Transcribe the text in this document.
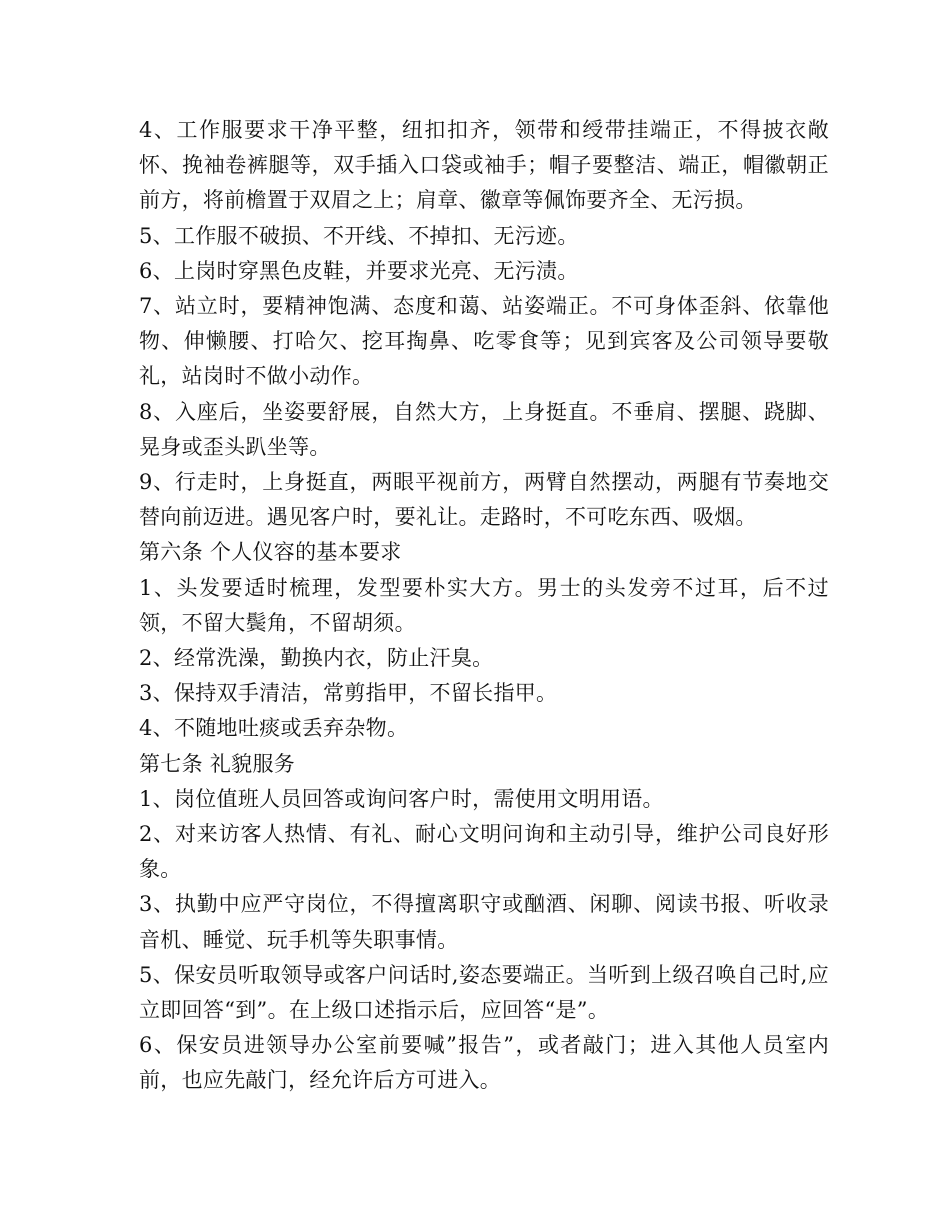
4、工作服要求干净平整，纽扣扣齐，领带和绶带挂端正，不得披衣敞怀、挽袖卷裤腿等，双手插入口袋或袖手；帽子要整洁、端正，帽徽朝正前方，将前檐置于双眉之上；肩章、徽章等佩饰要齐全、无污损。

5、工作服不破损、不开线、不掉扣、无污迹。

6、上岗时穿黑色皮鞋，并要求光亮、无污渍。

7、站立时，要精神饱满、态度和蔼、站姿端正。不可身体歪斜、依靠他物、伸懒腰、打哈欠、挖耳掏鼻、吃零食等；见到宾客及公司领导要敬礼，站岗时不做小动作。

8、入座后，坐姿要舒展，自然大方，上身挺直。不垂肩、摆腿、跷脚、晃身或歪头趴坐等。

9、行走时，上身挺直，两眼平视前方，两臂自然摆动，两腿有节奏地交替向前迈进。遇见客户时，要礼让。走路时，不可吃东西、吸烟。

第六条 个人仪容的基本要求

1、头发要适时梳理，发型要朴实大方。男士的头发旁不过耳，后不过领，不留大鬓角，不留胡须。

2、经常洗澡，勤换内衣，防止汗臭。

3、保持双手清洁，常剪指甲，不留长指甲。

4、不随地吐痰或丢弃杂物。

第七条 礼貌服务

1、岗位值班人员回答或询问客户时，需使用文明用语。

2、对来访客人热情、有礼、耐心文明问询和主动引导，维护公司良好形象。

3、执勤中应严守岗位，不得擅离职守或酗酒、闲聊、阅读书报、听收录音机、睡觉、玩手机等失职事情。

5、保安员听取领导或客户问话时,姿态要端正。当听到上级召唤自己时,应立即回答“到”。在上级口述指示后，应回答“是”。

6、保安员进领导办公室前要喊”报告”，或者敲门；进入其他人员室内前，也应先敲门，经允许后方可进入。
